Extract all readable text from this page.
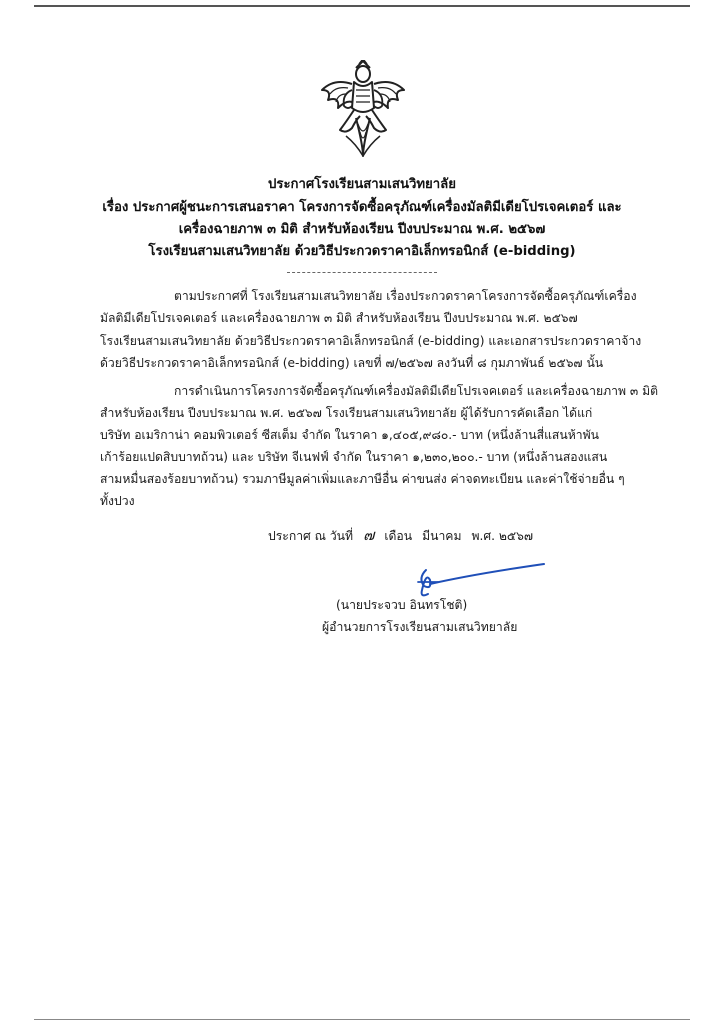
ประกาศโรงเรียนสามเสนวิทยาลัย
เรื่อง ประกาศผู้ชนะการเสนอราคา โครงการจัดซื้อครุภัณฑ์เครื่องมัลติมีเดียโปรเจคเตอร์ และ
เครื่องฉายภาพ ๓ มิติ สำหรับห้องเรียน ปีงบประมาณ พ.ศ. ๒๕๖๗
โรงเรียนสามเสนวิทยาลัย ด้วยวิธีประกวดราคาอิเล็กทรอนิกส์ (e-bidding)
ตามประกาศที่ โรงเรียนสามเสนวิทยาลัย เรื่องประกวดราคาโครงการจัดซื้อครุภัณฑ์เครื่อง
มัลติมีเดียโปรเจคเตอร์ และเครื่องฉายภาพ ๓ มิติ สำหรับห้องเรียน ปีงบประมาณ พ.ศ. ๒๕๖๗
โรงเรียนสามเสนวิทยาลัย ด้วยวิธีประกวดราคาอิเล็กทรอนิกส์ (e-bidding) และเอกสารประกวดราคาจ้าง
ด้วยวิธีประกวดราคาอิเล็กทรอนิกส์ (e-bidding) เลขที่ ๗/๒๕๖๗ ลงวันที่ ๘ กุมภาพันธ์ ๒๕๖๗ นั้น
การดำเนินการโครงการจัดซื้อครุภัณฑ์เครื่องมัลติมีเดียโปรเจคเตอร์ และเครื่องฉายภาพ ๓ มิติ
สำหรับห้องเรียน ปีงบประมาณ พ.ศ. ๒๕๖๗ โรงเรียนสามเสนวิทยาลัย ผู้ได้รับการคัดเลือก ได้แก่
บริษัท อเมริกาน่า คอมพิวเตอร์ ซีสเต็ม จำกัด ในราคา ๑,๔๐๕,๙๘๐.- บาท (หนึ่งล้านสี่แสนห้าพัน
เก้าร้อยแปดสิบบาทถ้วน) และ บริษัท จีเนฟฟ์ จำกัด ในราคา ๑,๒๓๐,๒๐๐.- บาท (หนึ่งล้านสองแสน
สามหมื่นสองร้อยบาทถ้วน) รวมภาษีมูลค่าเพิ่มและภาษีอื่น ค่าขนส่ง ค่าจดทะเบียน และค่าใช้จ่ายอื่น ๆ
ทั้งปวง
ประกาศ ณ วันที่ ๗ เดือน มีนาคม พ.ศ. ๒๕๖๗
(นายประจวบ อินทรโชติ)
ผู้อำนวยการโรงเรียนสามเสนวิทยาลัย
